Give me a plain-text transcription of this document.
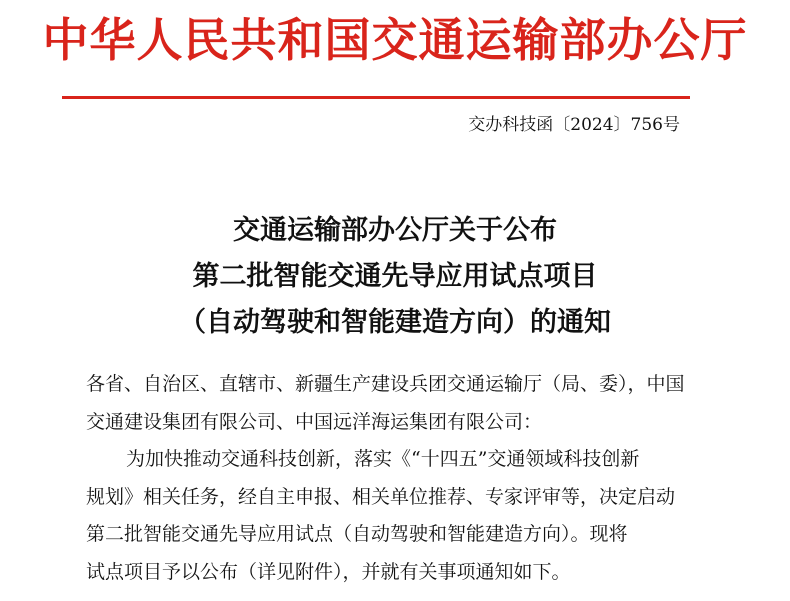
中华人民共和国交通运输部办公厅
交办科技函〔2024〕756号
交通运输部办公厅关于公布
第二批智能交通先导应用试点项目
（自动驾驶和智能建造方向）的通知
各省、自治区、直辖市、新疆生产建设兵团交通运输厅（局、委），中国
交通建设集团有限公司、中国远洋海运集团有限公司：
为加快推动交通科技创新，落实《“十四五”交通领域科技创新
规划》相关任务，经自主申报、相关单位推荐、专家评审等，决定启动
第二批智能交通先导应用试点（自动驾驶和智能建造方向）。现将
试点项目予以公布（详见附件），并就有关事项通知如下。
